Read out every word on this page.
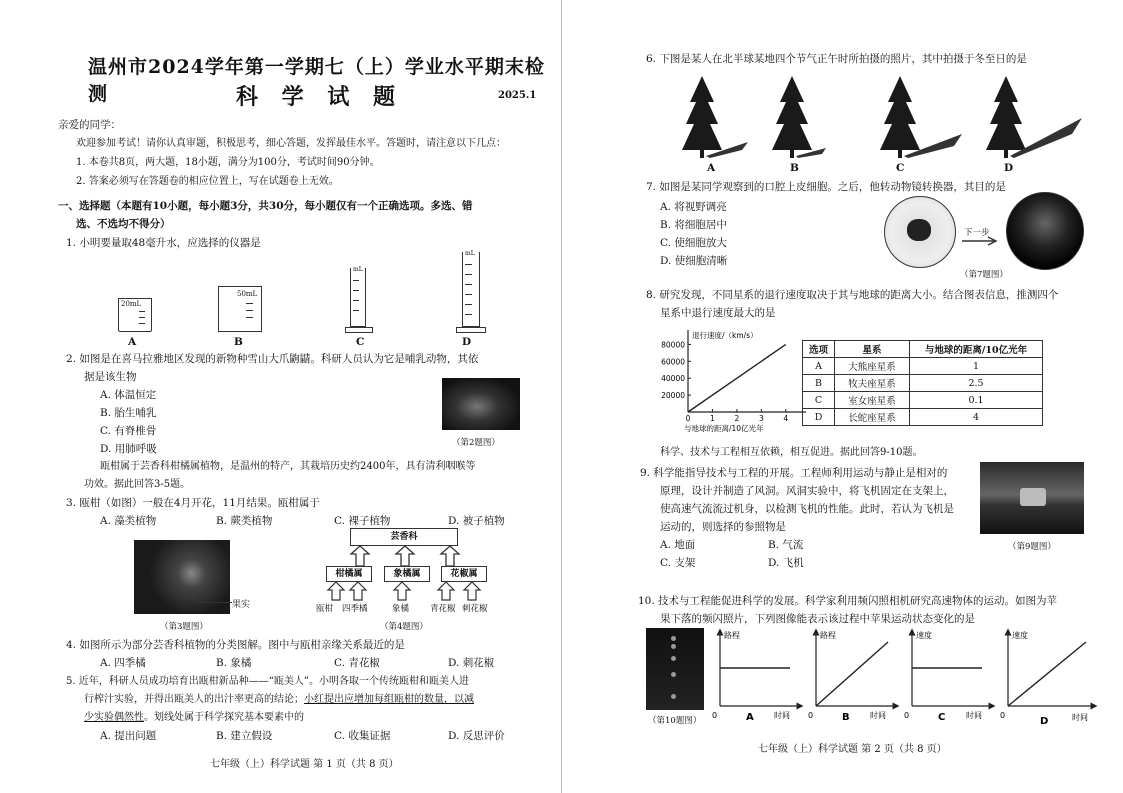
温州市2024学年第一学期七（上）学业水平期末检测	科 学 试 题	2025.1
亲爱的同学：
欢迎参加考试！请你认真审题，积极思考，细心答题，发挥最佳水平。答题时，请注意以下几点：
1. 本卷共8页，两大题，18小题，满分为100分，考试时间90分钟。
2. 答案必须写在答题卷的相应位置上，写在试题卷上无效。
一、选择题（本题有10小题，每小题3分，共30分，每小题仅有一个正确选项。多选、错
选、不选均不得分）
1. 小明要量取48毫升水，应选择的仪器是
20mL
A
50mL
B
mL
C
mL
D
2. 如图是在喜马拉雅地区发现的新物种雪山大爪鼩鼱。科研人员认为它是哺乳动物，其依
据是该生物
A. 体温恒定
B. 胎生哺乳
C. 有脊椎骨
D. 用肺呼吸	（第2题图）
瓯柑属于芸香科柑橘属植物，是温州的特产，其栽培历史约2400年，具有清利咽喉等
功效。据此回答3-5题。
3. 瓯柑（如图）一般在4月开花，11月结果。瓯柑属于
A. 藻类植物	B. 蕨类植物	C. 裸子植物	D. 被子植物
果实
（第3题图）
芸香科
柑橘属	象橘属	花椒属
瓯柑 四季橘	象橘 青花椒 刺花椒
（第4题图）
4. 如图所示为部分芸香科植物的分类图解。图中与瓯柑亲缘关系最近的是
A. 四季橘	B. 象橘	C. 青花椒	D. 刺花椒
5. 近年，科研人员成功培育出瓯柑新品种——“瓯美人”。小明各取一个传统瓯柑和瓯美人进
行榨汁实验，并得出瓯美人的出汁率更高的结论；小红提出应增加每组瓯柑的数量，以减
少实验偶然性。划线处属于科学探究基本要素中的
A. 提出问题	B. 建立假设	C. 收集证据	D. 反思评价
七年级（上）科学试题 第 1 页（共 8 页）
6. 下图是某人在北半球某地四个节气正午时所拍摄的照片，其中拍摄于冬至日的是
A	B	C	D
7. 如图是某同学观察到的口腔上皮细胞。之后，他转动物镜转换器，其目的是
A. 将视野调亮
B. 将细胞居中
C. 使细胞放大
D. 使细胞清晰
下一步
（第7题图）
8. 研究发现，不同星系的退行速度取决于其与地球的距离大小。结合图表信息，推测四个
星系中退行速度最大的是
20000
40000
60000
80000
0	1	2	3	4
退行速度/（km/s）
与地球的距离/10亿光年
选项	星系	与地球的距离/10亿光年
A	大熊座星系	1
B	牧夫座星系	2.5
C	室女座星系	0.1
D	长蛇座星系	4
科学、技术与工程相互依赖，相互促进。据此回答9-10题。
9. 科学能指导技术与工程的开展。工程师利用运动与静止是相对的
原理，设计并制造了风洞。风洞实验中，将飞机固定在支架上，
使高速气流流过机身，以检测飞机的性能。此时，若认为飞机是
运动的，则选择的参照物是
A. 地面	B. 气流
C. 支架	D. 飞机
（第9题图）
10. 技术与工程能促进科学的发展。科学家利用频闪照相机研究高速物体的运动。如图为苹
果下落的频闪照片，下列图像能表示该过程中苹果运动状态变化的是
（第10题图）
路程
0	时间
A
路程
0	时间
B
速度
0	时间
C
速度
0	时间
D
七年级（上）科学试题 第 2 页（共 8 页）
